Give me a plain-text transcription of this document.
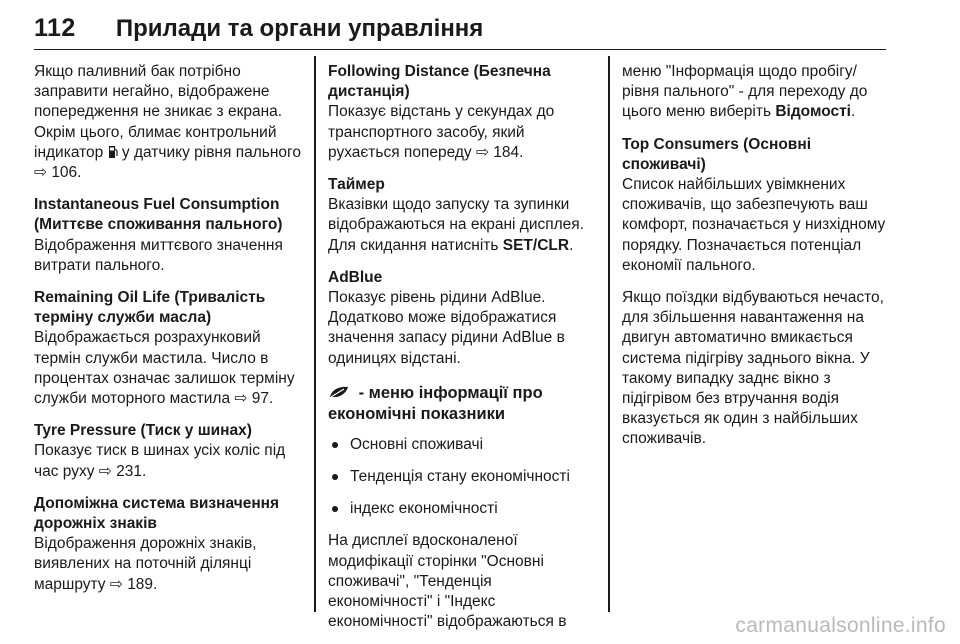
112 Прилади та органи управління

Якщо паливний бак потрібно заправити негайно, відображене попередження не зникає з екрана. Окрім цього, блимає контрольний індикатор у датчику рівня пального ⇨ 106.

Instantaneous Fuel Consumption (Миттєве споживання пального)

Відображення миттєвого значення витрати пального.

Remaining Oil Life (Тривалість терміну служби масла)

Відображається розрахунковий термін служби мастила. Число в процентах означає залишок терміну служби моторного мастила ⇨ 97.

Tyre Pressure (Тиск у шинах)

Показує тиск в шинах усіх коліс під час руху ⇨ 231.

Допоміжна система визначення дорожніх знаків

Відображення дорожніх знаків, виявлених на поточній ділянці маршруту ⇨ 189.

Following Distance (Безпечна дистанція)

Показує відстань у секундах до транспортного засобу, який рухається попереду ⇨ 184.

Таймер

Вказівки щодо запуску та зупинки відображаються на екрані дисплея. Для скидання натисніть SET/CLR.

AdBlue

Показує рівень рідини AdBlue. Додатково може відображатися значення запасу рідини AdBlue в одиницях відстані.

- меню інформації про
економічні показники
Основні споживачі
Тенденція стану економічності
індекс економічності

На дисплеї вдосконаленої модифікації сторінки "Основні споживачі", "Тенденція економічності" і "Індекс економічності" відображаються в

меню "Інформація щодо пробігу/рівня пального" - для переходу до цього меню виберіть Відомості.

Top Consumers (Основні споживачі)

Список найбільших увімкнених споживачів, що забезпечують ваш комфорт, позначається у низхідному порядку. Позначається потенціал економії пального.

Якщо поїздки відбуваються нечасто, для збільшення навантаження на двигун автоматично вмикається система підігріву заднього вікна. У такому випадку заднє вікно з підігрівом без втручання водія вказується як один з найбільших споживачів.

carmanualsonline.info
